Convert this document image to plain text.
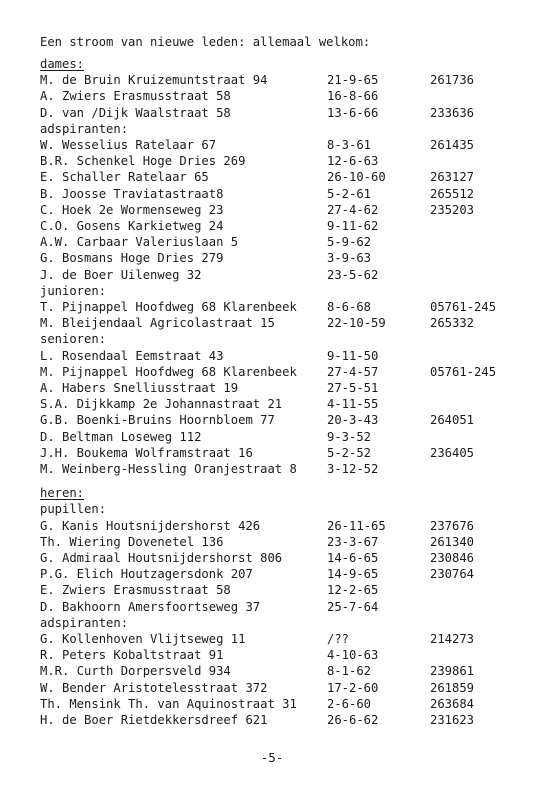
Een stroom van nieuwe leden: allemaal welkom:
dames:
M. de Bruin Kruizemuntstraat 94	21-9-65	261736
A. Zwiers Erasmusstraat 58	16-8-66
D. van /Dijk Waalstraat 58	13-6-66	233636
adspiranten:
W. Wesselius Ratelaar 67	8-3-61	261435
B.R. Schenkel Hoge Dries 269	12-6-63
E. Schaller Ratelaar 65	26-10-60	263127
B. Joosse Traviatastraat8	5-2-61	265512
C. Hoek 2e Wormenseweg 23	27-4-62	235203
C.O. Gosens Karkietweg 24	9-11-62
A.W. Carbaar Valeriuslaan 5	5-9-62
G. Bosmans Hoge Dries 279	3-9-63
J. de Boer Uilenweg 32	23-5-62
junioren:
T. Pijnappel Hoofdweg 68 Klarenbeek 8-6-68	05761-245
M. Bleijendaal Agricolastraat 15	22-10-59	265332
senioren:
L. Rosendaal Eemstraat 43	9-11-50
M. Pijnappel Hoofdweg 68 Klarenbeek 27-4-57	05761-245
A. Habers Snelliusstraat 19	27-5-51
S.A. Dijkkamp 2e Johannastraat 21	4-11-55
G.B. Boenki-Bruins Hoornbloem 77	20-3-43	264051
D. Beltman Loseweg 112	9-3-52
J.H. Boukema Wolframstraat 16	5-2-52	236405
M. Weinberg-Hessling Oranjestraat 8 3-12-52
heren:
pupillen:
G. Kanis Houtsnijdershorst 426	26-11-65	237676
Th. Wiering Dovenetel 136	23-3-67	261340
G. Admiraal Houtsnijdershorst 806	14-6-65	230846
P.G. Elich Houtzagersdonk 207	14-9-65	230764
E. Zwiers Erasmusstraat 58	12-2-65
D. Bakhoorn Amersfoortseweg 37	25-7-64
adspiranten:
G. Kollenhoven Vlijtseweg 11	/??	214273
R. Peters Kobaltstraat 91	4-10-63
M.R. Curth Dorpersveld 934	8-1-62	239861
W. Bender Aristotelesstraat 372	17-2-60	261859
Th. Mensink Th. van Aquinostraat 31 2-6-60	263684
H. de Boer Rietdekkersdreef 621	26-6-62	231623
-5-
